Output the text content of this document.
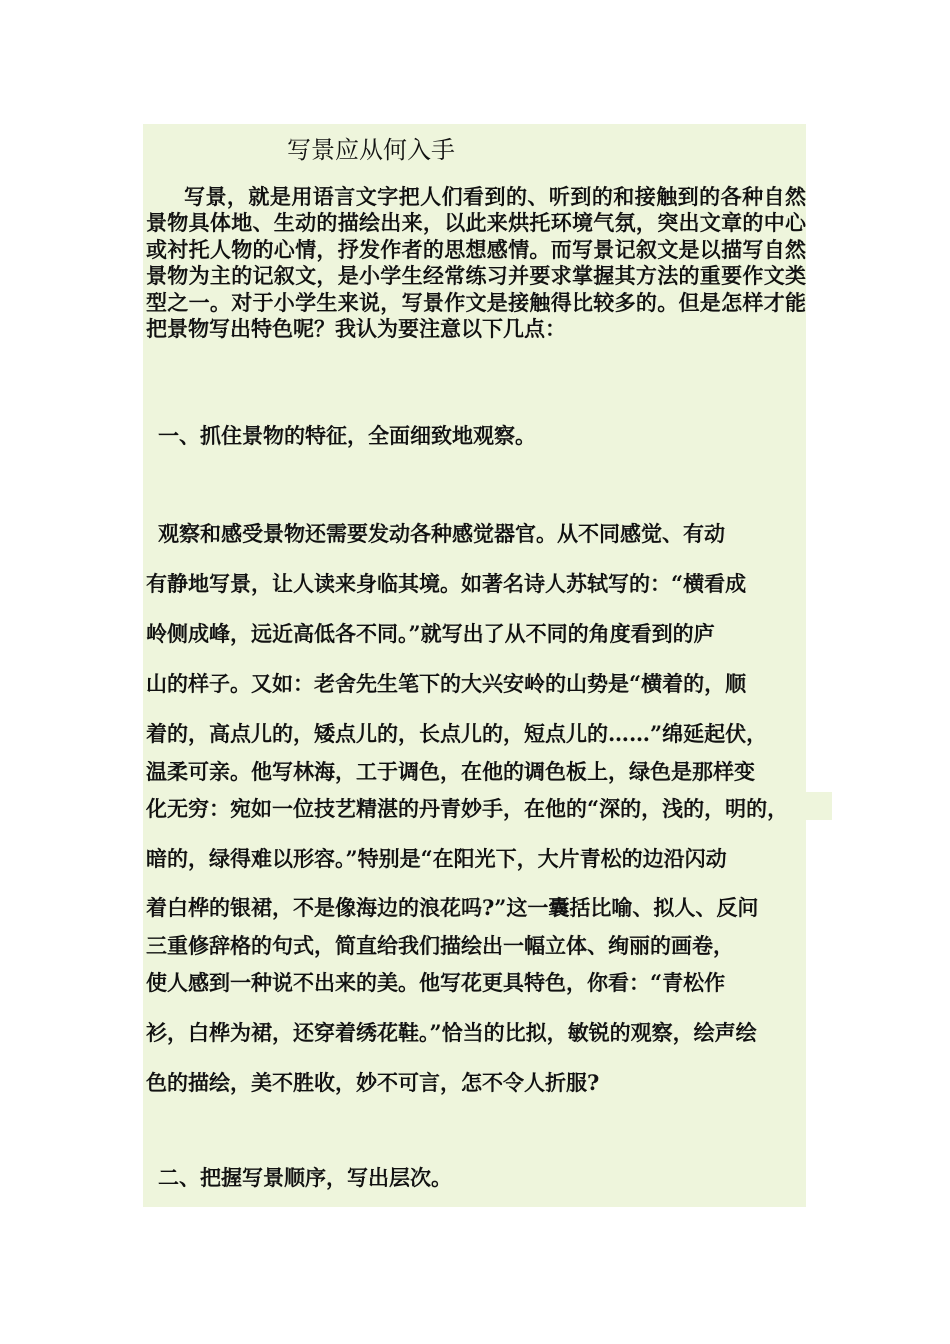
写景应从何入手

写景，就是用语言文字把人们看到的、听到的和接触到的各种自然景物具体地、生动的描绘出来，以此来烘托环境气氛，突出文章的中心或衬托人物的心情，抒发作者的思想感情。而写景记叙文是以描写自然景物为主的记叙文，是小学生经常练习并要求掌握其方法的重要作文类型之一。对于小学生来说，写景作文是接触得比较多的。但是怎样才能把景物写出特色呢？我认为要注意以下几点：

一、抓住景物的特征，全面细致地观察。

观察和感受景物还需要发动各种感觉器官。从不同感觉、有动

有静地写景，让人读来身临其境。如著名诗人苏轼写的：“横看成

岭侧成峰，远近高低各不同。”就写出了从不同的角度看到的庐

山的样子。又如：老舍先生笔下的大兴安岭的山势是“横着的，顺

着的，高点儿的，矮点儿的，长点儿的，短点儿的……”绵延起伏，

温柔可亲。他写林海，工于调色，在他的调色板上，绿色是那样变

化无穷：宛如一位技艺精湛的丹青妙手，在他的“深的，浅的，明的，

暗的，绿得难以形容。”特别是“在阳光下，大片青松的边沿闪动

着白桦的银裙，不是像海边的浪花吗?”这一囊括比喻、拟人、反问

三重修辞格的句式，简直给我们描绘出一幅立体、绚丽的画卷，

使人感到一种说不出来的美。他写花更具特色，你看：“青松作

衫，白桦为裙，还穿着绣花鞋。”恰当的比拟，敏锐的观察，绘声绘

色的描绘，美不胜收，妙不可言，怎不令人折服?

二、把握写景顺序，写出层次。
